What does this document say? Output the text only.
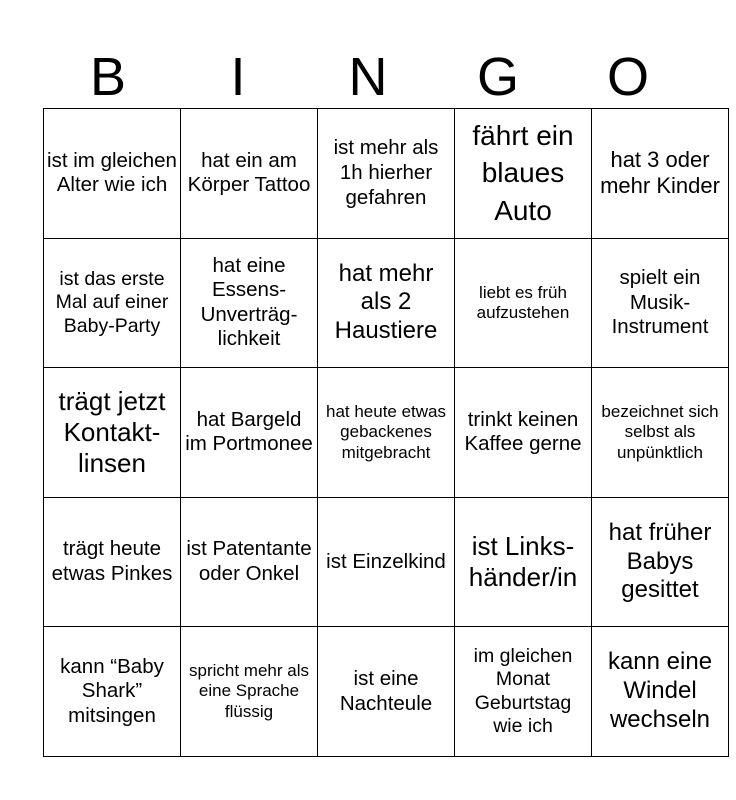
B	I	N	G	O
ist im gleichen Alter wie ich	hat ein am Körper Tattoo	ist mehr als 1h hierher gefahren	fährt ein blaues Auto	hat 3 oder mehr Kinder
ist das erste Mal auf einer Baby-Party	hat eine Essens-Unverträg-lichkeit	hat mehr als 2 Haustiere	liebt es früh aufzustehen	spielt ein Musik-Instrument
trägt jetzt Kontakt-linsen	hat Bargeld im Portmonee	hat heute etwas gebackenes mitgebracht	trinkt keinen Kaffee gerne	bezeichnet sich selbst als unpünktlich
trägt heute etwas Pinkes	ist Patentante oder Onkel	ist Einzelkind	ist Links-händer/in	hat früher Babys gesittet
kann “Baby Shark” mitsingen	spricht mehr als eine Sprache flüssig	ist eine Nachteule	im gleichen Monat Geburtstag wie ich	kann eine Windel wechseln
